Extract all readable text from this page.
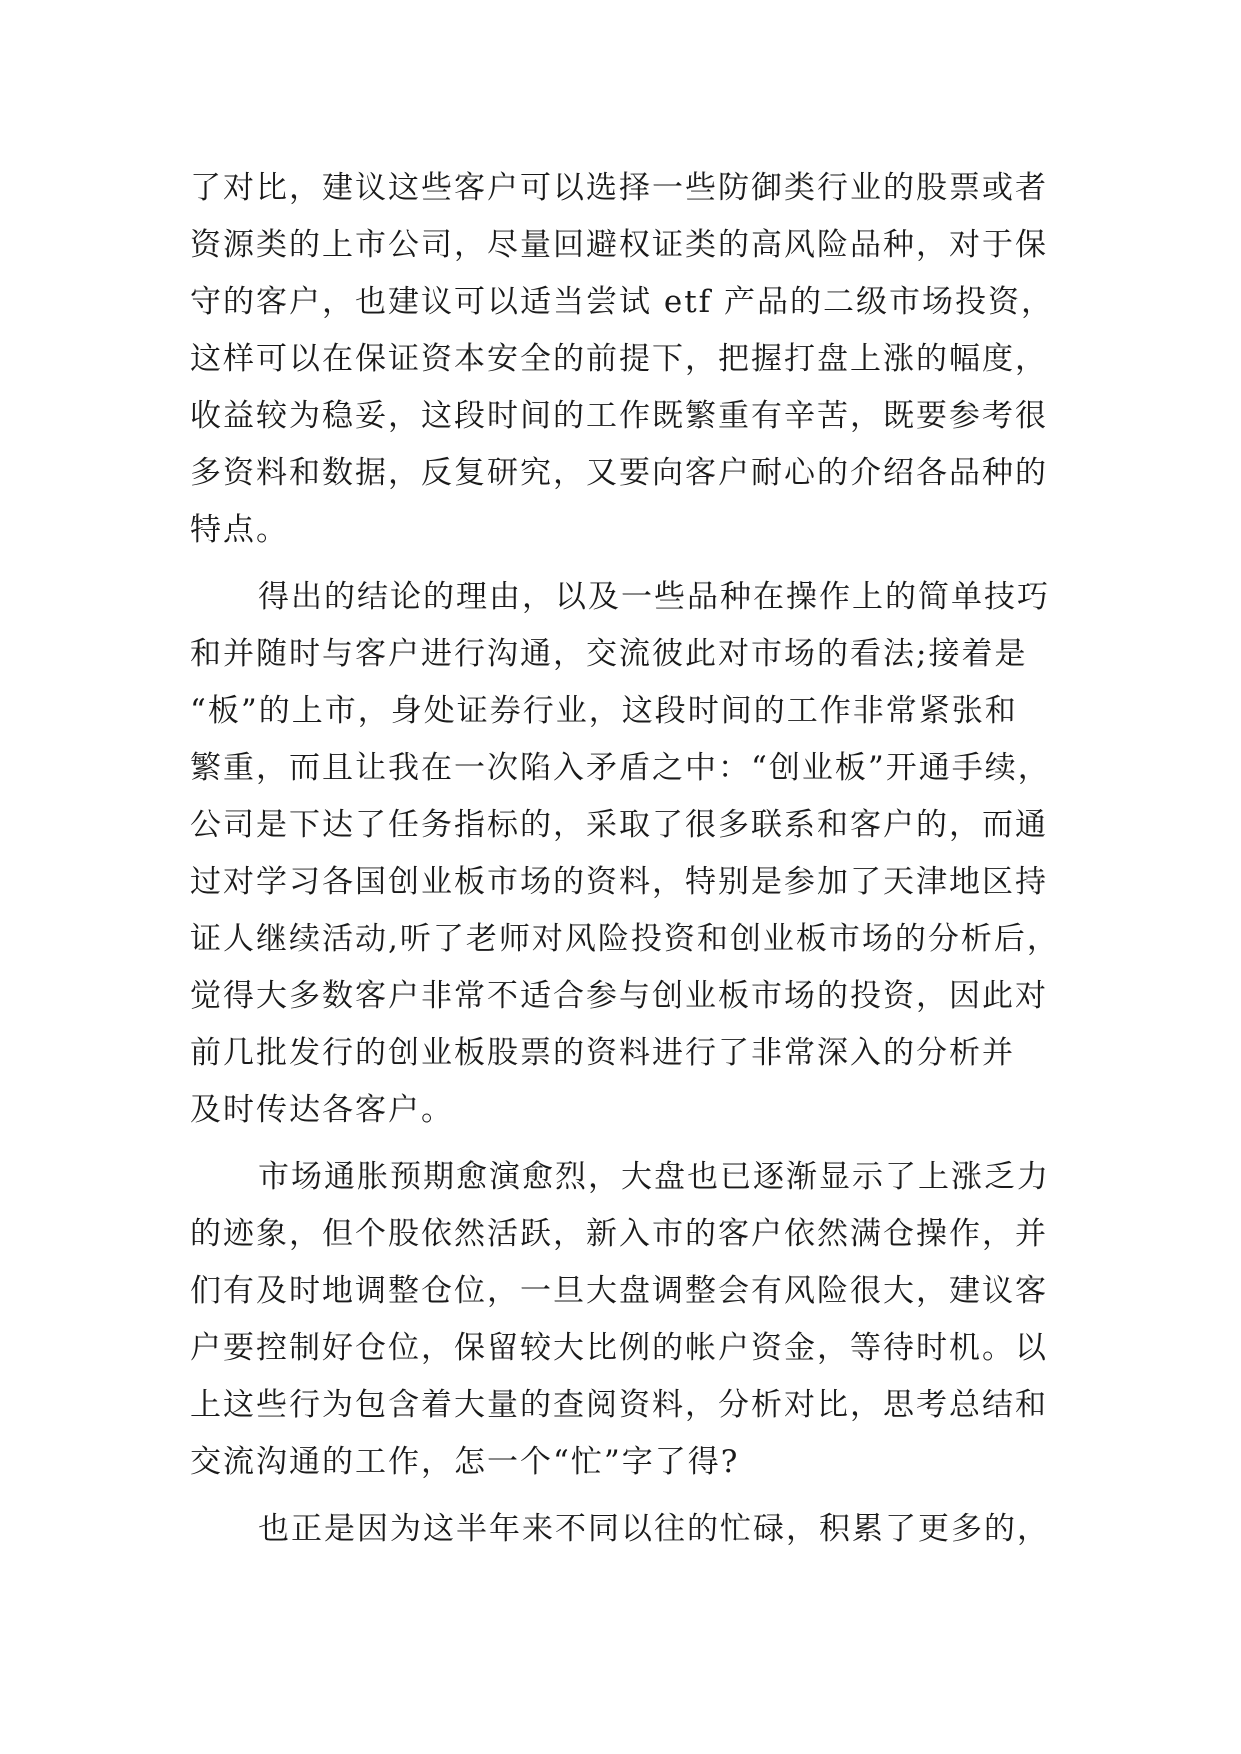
了对比，建议这些客户可以选择一些防御类行业的股票或者
资源类的上市公司，尽量回避权证类的高风险品种，对于保
守的客户，也建议可以适当尝试 etf 产品的二级市场投资，
这样可以在保证资本安全的前提下，把握打盘上涨的幅度，
收益较为稳妥，这段时间的工作既繁重有辛苦，既要参考很
多资料和数据，反复研究，又要向客户耐心的介绍各品种的
特点。
得出的结论的理由，以及一些品种在操作上的简单技巧
和并随时与客户进行沟通，交流彼此对市场的看法;接着是
“板”的上市，身处证券行业，这段时间的工作非常紧张和
繁重，而且让我在一次陷入矛盾之中：“创业板”开通手续，
公司是下达了任务指标的，采取了很多联系和客户的，而通
过对学习各国创业板市场的资料，特别是参加了天津地区持
证人继续活动,听了老师对风险投资和创业板市场的分析后，
觉得大多数客户非常不适合参与创业板市场的投资，因此对
前几批发行的创业板股票的资料进行了非常深入的分析并
及时传达各客户。
市场通胀预期愈演愈烈，大盘也已逐渐显示了上涨乏力
的迹象，但个股依然活跃，新入市的客户依然满仓操作，并
们有及时地调整仓位，一旦大盘调整会有风险很大，建议客
户要控制好仓位，保留较大比例的帐户资金，等待时机。以
上这些行为包含着大量的查阅资料，分析对比，思考总结和
交流沟通的工作，怎一个“忙”字了得?
也正是因为这半年来不同以往的忙碌，积累了更多的，
